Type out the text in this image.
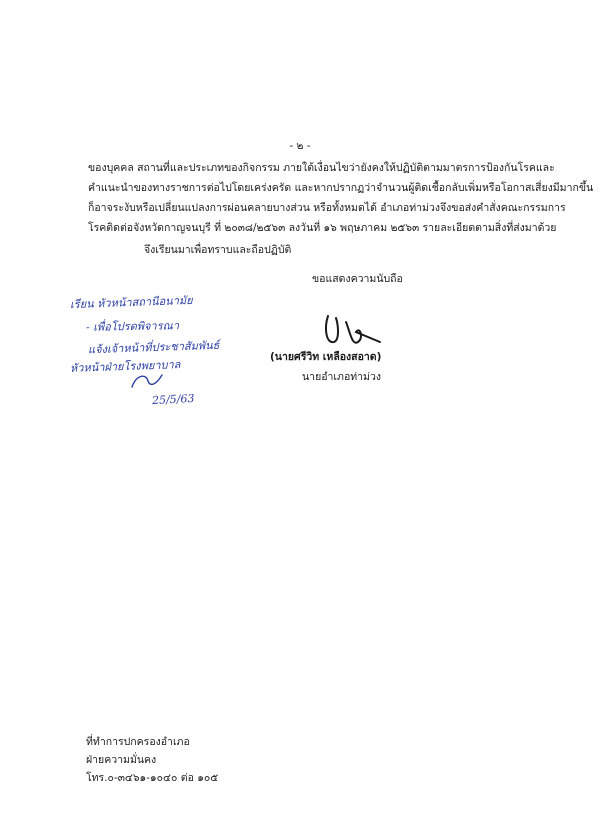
- ๒ -
ของบุคคล สถานที่และประเภทของกิจกรรม ภายใต้เงื่อนไขว่ายังคงให้ปฏิบัติตามมาตรการป้องกันโรคและ
คำแนะนำของทางราชการต่อไปโดยเคร่งครัด และหากปรากฏว่าจำนวนผู้ติดเชื้อกลับเพิ่มหรือโอกาสเสี่ยงมีมากขึ้น
ก็อาจระงับหรือเปลี่ยนแปลงการผ่อนคลายบางส่วน หรือทั้งหมดได้ อำเภอท่าม่วงจึงขอส่งคำสั่งคณะกรรมการ
โรคติดต่อจังหวัดกาญจนบุรี ที่ ๒๐๓๘/๒๕๖๓ ลงวันที่ ๑๖ พฤษภาคม ๒๕๖๓ รายละเอียดตามสิ่งที่ส่งมาด้วย
จึงเรียนมาเพื่อทราบและถือปฏิบัติ
ขอแสดงความนับถือ
(นายศรีวิท เหลืองสอาด)
นายอำเภอท่าม่วง
เรียน หัวหน้าสถานีอนามัย
- เพื่อโปรดพิจารณา
แจ้งเจ้าหน้าที่ประชาสัมพันธ์
หัวหน้าฝ่ายโรงพยาบาล
25/5/63
ที่ทำการปกครองอำเภอ
ฝ่ายความมั่นคง
โทร.๐-๓๔๖๑-๑๐๔๐ ต่อ ๑๐๕
